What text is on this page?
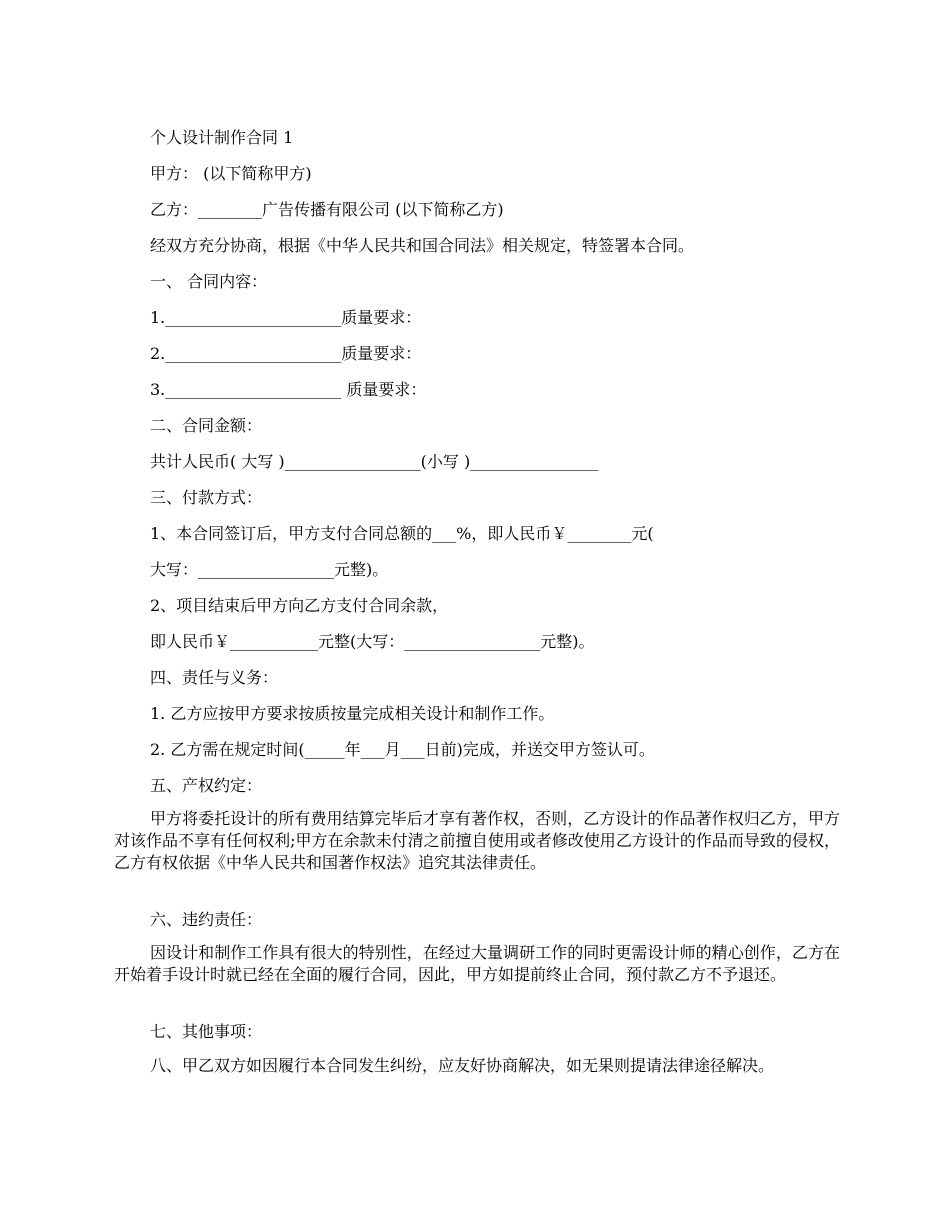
个人设计制作合同 1
甲方： (以下简称甲方)
乙方：________广告传播有限公司 (以下简称乙方)
经双方充分协商，根据《中华人民共和国合同法》相关规定，特签署本合同。
一、 合同内容：
1.______________________质量要求：
2.______________________质量要求：
3.______________________ 质量要求：
二、合同金额：
共计人民币( 大写 )_________________(小写 )________________
三、付款方式：
1、本合同签订后，甲方支付合同总额的___%，即人民币￥________元(
大写：_________________元整)。
2、项目结束后甲方向乙方支付合同余款，
即人民币￥___________元整(大写：_________________元整)。
四、责任与义务：
1. 乙方应按甲方要求按质按量完成相关设计和制作工作。
2. 乙方需在规定时间(_____年___月___日前)完成，并送交甲方签认可。
五、产权约定：
甲方将委托设计的所有费用结算完毕后才享有著作权，否则，乙方设计的作品著作权归乙方，甲方对该作品不享有任何权利;甲方在余款未付清之前擅自使用或者修改使用乙方设计的作品而导致的侵权，乙方有权依据《中华人民共和国著作权法》追究其法律责任。
六、违约责任：
因设计和制作工作具有很大的特别性，在经过大量调研工作的同时更需设计师的精心创作，乙方在开始着手设计时就已经在全面的履行合同，因此，甲方如提前终止合同，预付款乙方不予退还。
七、其他事项：
八、甲乙双方如因履行本合同发生纠纷，应友好协商解决，如无果则提请法律途径解决。
